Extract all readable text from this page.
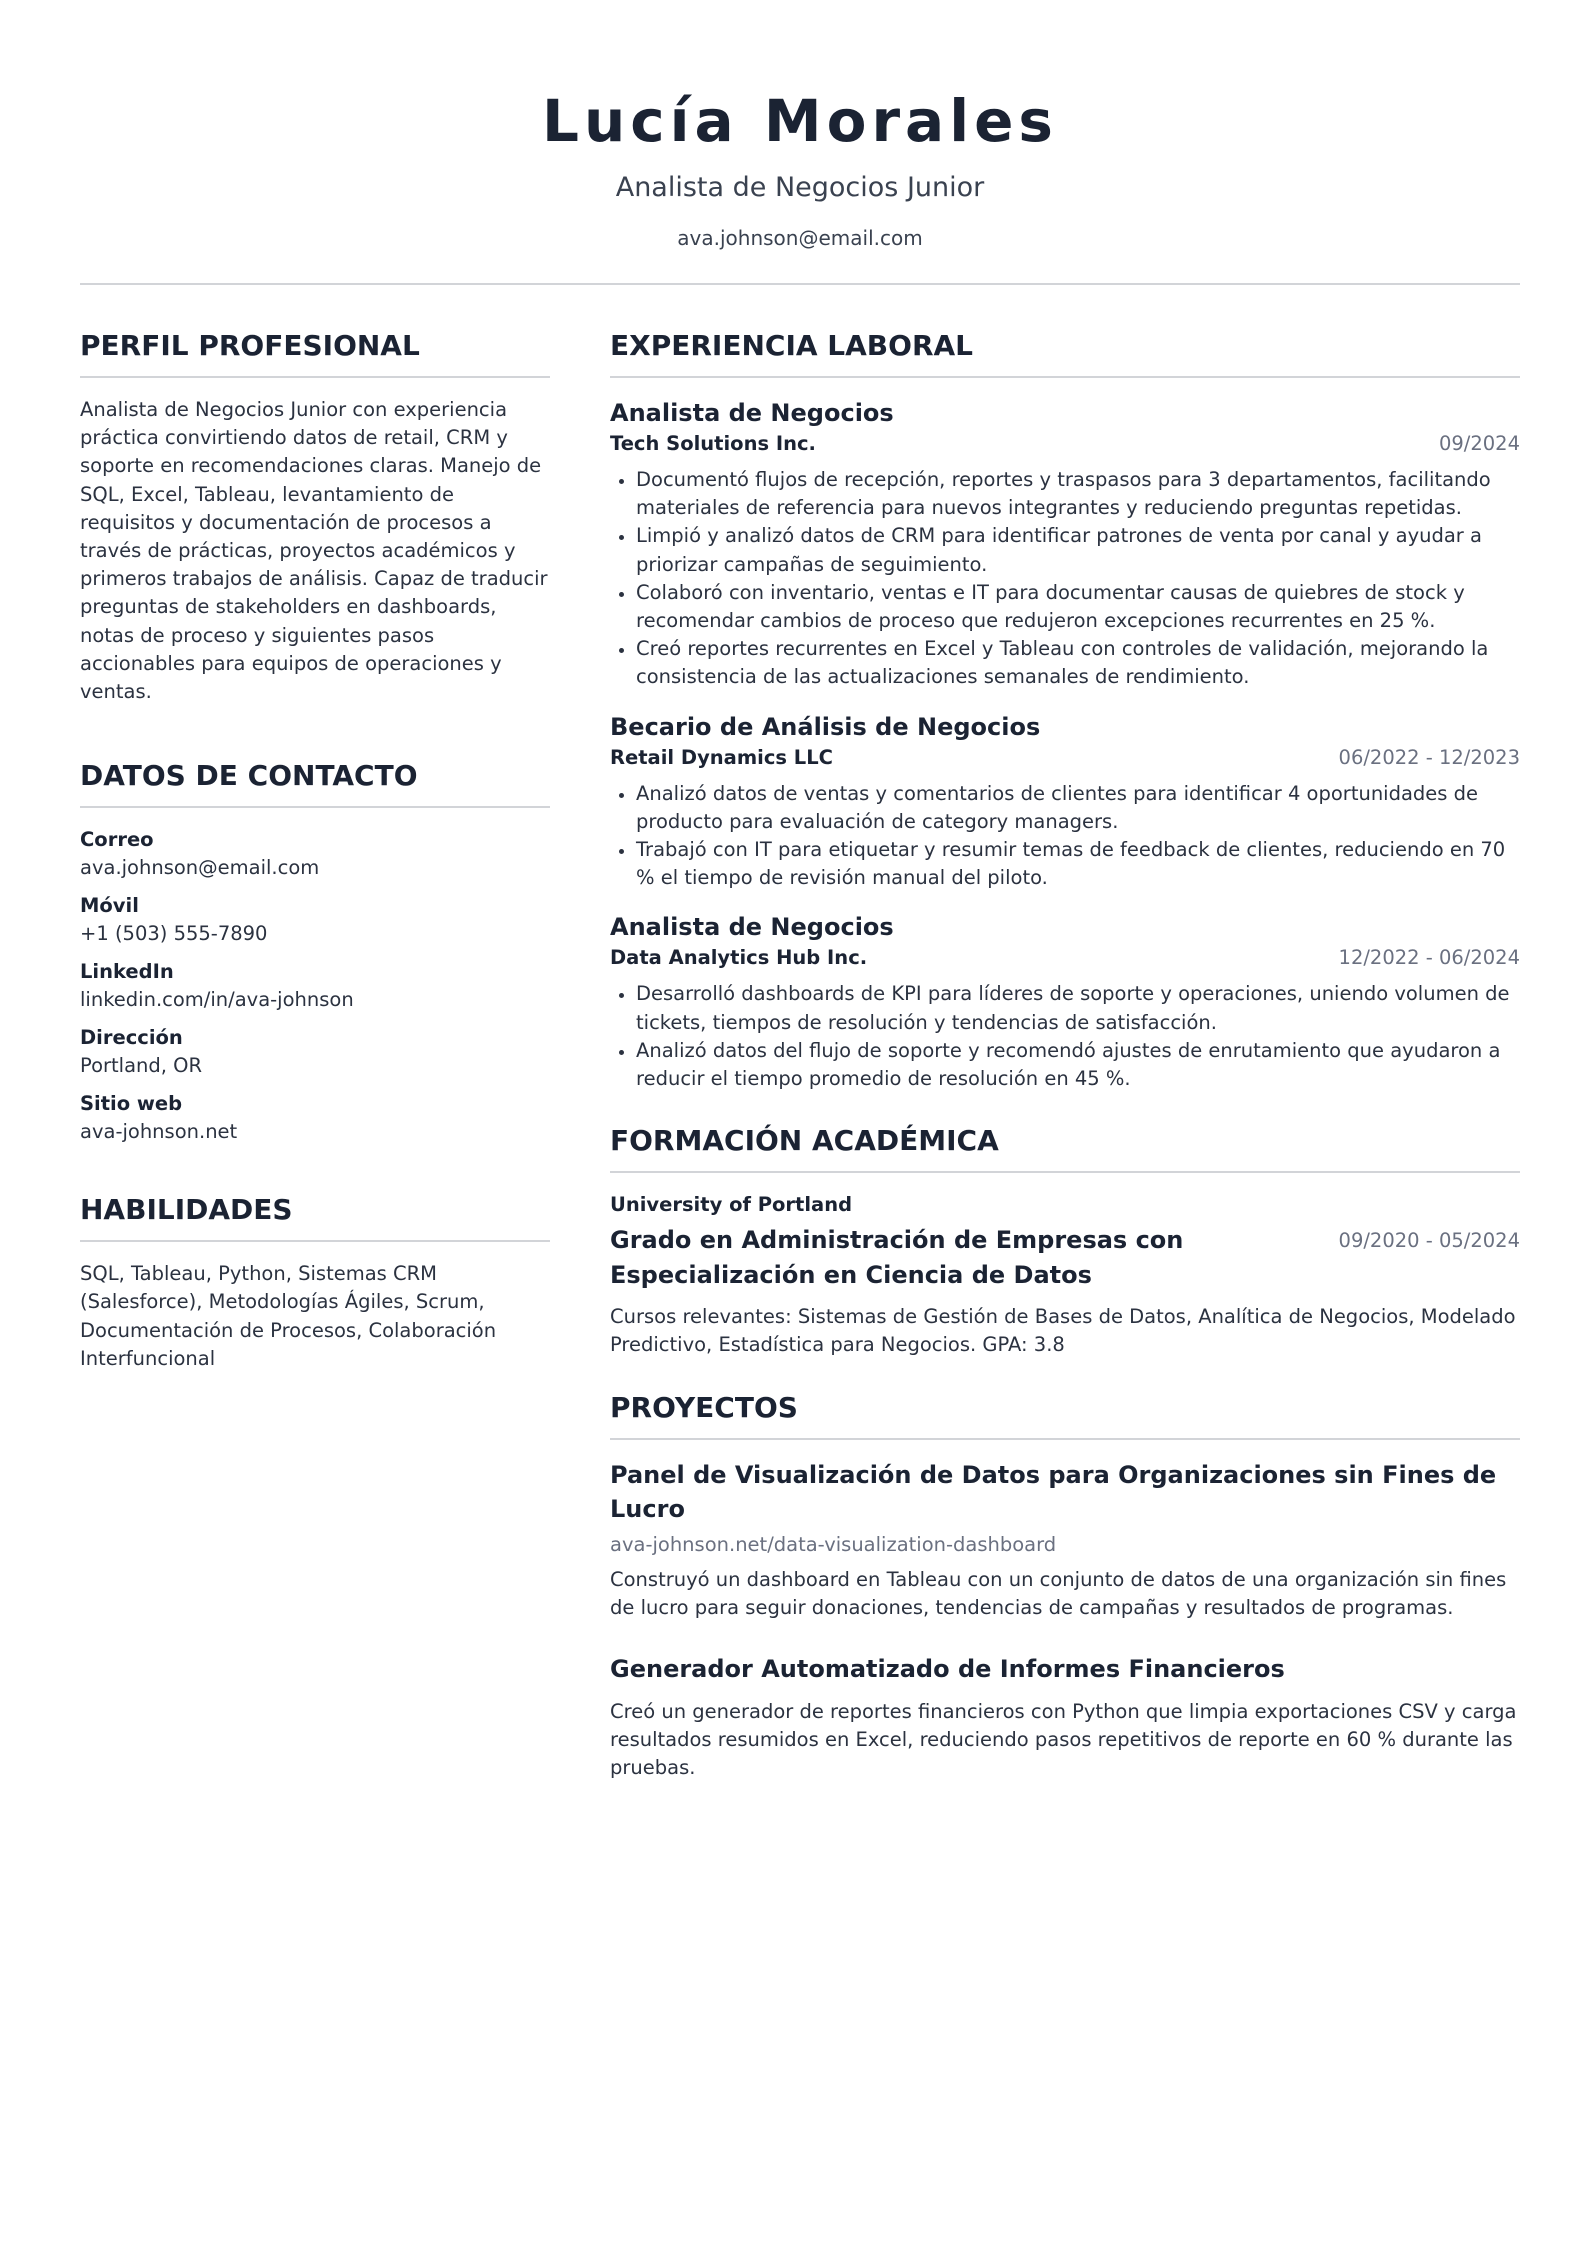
Lucía Morales
Analista de Negocios Junior
ava.johnson@email.com
PERFIL PROFESIONAL

Analista de Negocios Junior con experiencia práctica convirtiendo datos de retail, CRM y soporte en recomendaciones claras. Manejo de SQL, Excel, Tableau, levantamiento de requisitos y documentación de procesos a través de prácticas, proyectos académicos y primeros trabajos de análisis. Capaz de traducir preguntas de stakeholders en dashboards, notas de proceso y siguientes pasos accionables para equipos de operaciones y ventas.

DATOS DE CONTACTO
Correo
ava.johnson@email.com
Móvil
+1 (503) 555-7890
LinkedIn
linkedin.com/in/ava-johnson
Dirección
Portland, OR
Sitio web
ava-johnson.net
HABILIDADES

SQL, Tableau, Python, Sistemas CRM (Salesforce), Metodologías Ágiles, Scrum, Documentación de Procesos, Colaboración Interfuncional

EXPERIENCIA LABORAL
Analista de Negocios
Tech Solutions Inc.	09/2024
Documentó flujos de recepción, reportes y traspasos para 3 departamentos, facilitando materiales de referencia para nuevos integrantes y reduciendo preguntas repetidas.
Limpió y analizó datos de CRM para identificar patrones de venta por canal y ayudar a priorizar campañas de seguimiento.
Colaboró con inventario, ventas e IT para documentar causas de quiebres de stock y recomendar cambios de proceso que redujeron excepciones recurrentes en 25 %.
Creó reportes recurrentes en Excel y Tableau con controles de validación, mejorando la consistencia de las actualizaciones semanales de rendimiento.
Becario de Análisis de Negocios
Retail Dynamics LLC	06/2022 - 12/2023
Analizó datos de ventas y comentarios de clientes para identificar 4 oportunidades de producto para evaluación de category managers.
Trabajó con IT para etiquetar y resumir temas de feedback de clientes, reduciendo en 70 % el tiempo de revisión manual del piloto.
Analista de Negocios
Data Analytics Hub Inc.	12/2022 - 06/2024
Desarrolló dashboards de KPI para líderes de soporte y operaciones, uniendo volumen de tickets, tiempos de resolución y tendencias de satisfacción.
Analizó datos del flujo de soporte y recomendó ajustes de enrutamiento que ayudaron a reducir el tiempo promedio de resolución en 45 %.
FORMACIÓN ACADÉMICA
University of Portland
Grado en Administración de Empresas con Especialización en Ciencia de Datos
09/2020 - 05/2024

Cursos relevantes: Sistemas de Gestión de Bases de Datos, Analítica de Negocios, Modelado Predictivo, Estadística para Negocios. GPA: 3.8

PROYECTOS
Panel de Visualización de Datos para Organizaciones sin Fines de Lucro
ava-johnson.net/data-visualization-dashboard

Construyó un dashboard en Tableau con un conjunto de datos de una organización sin fines de lucro para seguir donaciones, tendencias de campañas y resultados de programas.

Generador Automatizado de Informes Financieros

Creó un generador de reportes financieros con Python que limpia exportaciones CSV y carga resultados resumidos en Excel, reduciendo pasos repetitivos de reporte en 60 % durante las pruebas.
